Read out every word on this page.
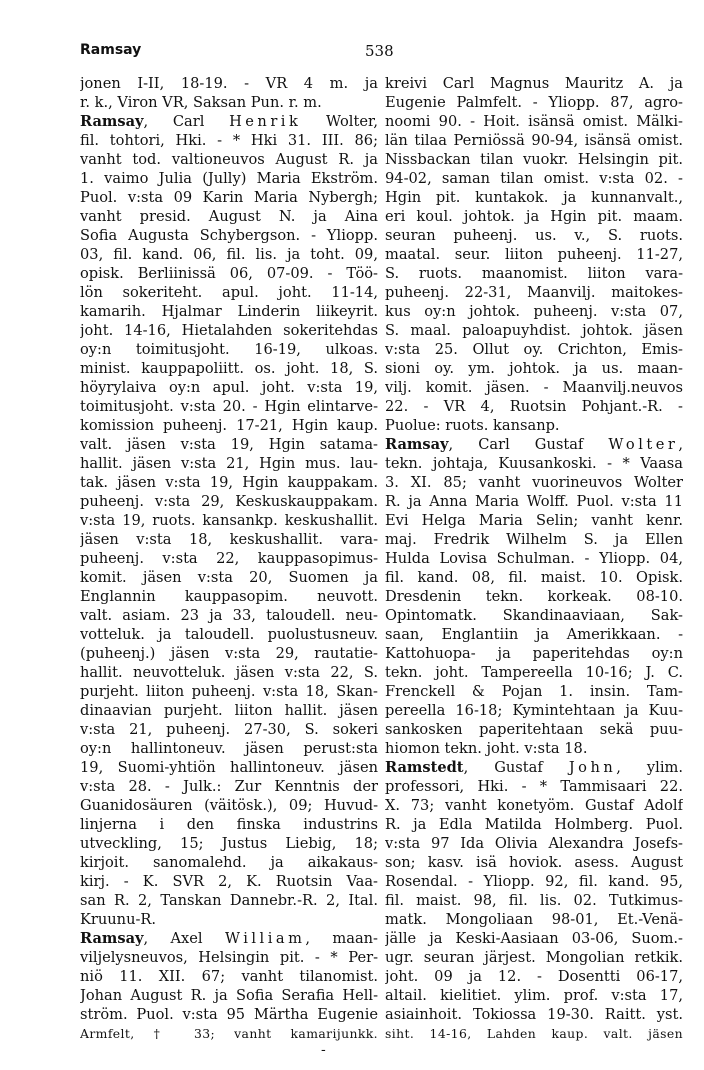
Ramsay	538
jonen I-II, 18-19. - VR 4 m. ja
r. k., Viron VR, Saksan Pun. r. m.
Ramsay, Carl Henrik Wolter,
fil. tohtori, Hki. - * Hki 31. III. 86;
vanht tod. valtioneuvos August R. ja
1. vaimo Julia (Jully) Maria Ekström.
Puol. v:sta 09 Karin Maria Nybergh;
vanht presid. August N. ja Aina
Sofia Augusta Schybergson. - Yliopp.
03, fil. kand. 06, fil. lis. ja toht. 09,
opisk. Berliinissä 06, 07-09. - Töö-
lön sokeriteht. apul. joht. 11-14,
kamarih. Hjalmar Linderin liikeyrit.
joht. 14-16, Hietalahden sokeritehdas
oy:n toimitusjoht. 16-19, ulkoas.
minist. kauppapoliitt. os. joht. 18, S.
höyrylaiva oy:n apul. joht. v:sta 19,
toimitusjoht. v:sta 20. - Hgin elintarve-
komission puheenj. 17-21, Hgin kaup.
valt. jäsen v:sta 19, Hgin satama-
hallit. jäsen v:sta 21, Hgin mus. lau-
tak. jäsen v:sta 19, Hgin kauppakam.
puheenj. v:sta 29, Keskuskauppakam.
v:sta 19, ruots. kansankp. keskushallit.
jäsen v:sta 18, keskushallit. vara-
puheenj. v:sta 22, kauppasopimus-
komit. jäsen v:sta 20, Suomen ja
Englannin kauppasopim. neuvott.
valt. asiam. 23 ja 33, taloudell. neu-
votteluk. ja taloudell. puolustusneuv.
(puheenj.) jäsen v:sta 29, rautatie-
hallit. neuvotteluk. jäsen v:sta 22, S.
purjeht. liiton puheenj. v:sta 18, Skan-
dinaavian purjeht. liiton hallit. jäsen
v:sta 21, puheenj. 27-30, S. sokeri
oy:n hallintoneuv. jäsen perust:sta
19, Suomi-yhtiön hallintoneuv. jäsen
v:sta 28. - Julk.: Zur Kenntnis der
Guanidosäuren (väitösk.), 09; Huvud-
linjerna i den finska industrins
utveckling, 15; Justus Liebig, 18;
kirjoit. sanomalehd. ja aikakaus-
kirj. - K. SVR 2, K. Ruotsin Vaa-
san R. 2, Tanskan Dannebr.-R. 2, Ital.
Kruunu-R.
Ramsay, Axel William, maan-
viljelysneuvos, Helsingin pit. - * Per-
niö 11. XII. 67; vanht tilanomist.
Johan August R. ja Sofia Serafia Hell-
ström. Puol. v:sta 95 Märtha Eugenie
Armfelt, † 33; vanht kamarijunkk.
kreivi Carl Magnus Mauritz A. ja
Eugenie Palmfelt. - Yliopp. 87, agro-
noomi 90. - Hoit. isänsä omist. Mälki-
län tilaa Perniössä 90-94, isänsä omist.
Nissbackan tilan vuokr. Helsingin pit.
94-02, saman tilan omist. v:sta 02. -
Hgin pit. kuntakok. ja kunnanvalt.,
eri koul. johtok. ja Hgin pit. maam.
seuran puheenj. us. v., S. ruots.
maatal. seur. liiton puheenj. 11-27,
S. ruots. maanomist. liiton vara-
puheenj. 22-31, Maanvilj. maitokes-
kus oy:n johtok. puheenj. v:sta 07,
S. maal. paloapuyhdist. johtok. jäsen
v:sta 25. Ollut oy. Crichton, Emis-
sioni oy. ym. johtok. ja us. maan-
vilj. komit. jäsen. - Maanvilj.neuvos
22. - VR 4, Ruotsin Pohjant.-R. -
Puolue: ruots. kansanp.
Ramsay, Carl Gustaf Wolter,
tekn. johtaja, Kuusankoski. - * Vaasa
3. XI. 85; vanht vuorineuvos Wolter
R. ja Anna Maria Wolff. Puol. v:sta 11
Evi Helga Maria Selin; vanht kenr.
maj. Fredrik Wilhelm S. ja Ellen
Hulda Lovisa Schulman. - Yliopp. 04,
fil. kand. 08, fil. maist. 10. Opisk.
Dresdenin tekn. korkeak. 08-10.
Opintomatk. Skandinaaviaan, Sak-
saan, Englantiin ja Amerikkaan. -
Kattohuopa- ja paperitehdas oy:n
tekn. joht. Tampereella 10-16; J. C.
Frenckell & Pojan 1. insin. Tam-
pereella 16-18; Kymintehtaan ja Kuu-
sankosken paperitehtaan sekä puu-
hiomon tekn. joht. v:sta 18.
Ramstedt, Gustaf John, ylim.
professori, Hki. - * Tammisaari 22.
X. 73; vanht konetyöm. Gustaf Adolf
R. ja Edla Matilda Holmberg. Puol.
v:sta 97 Ida Olivia Alexandra Josefs-
son; kasv. isä hoviok. asess. August
Rosendal. - Yliopp. 92, fil. kand. 95,
fil. maist. 98, fil. lis. 02. Tutkimus-
matk. Mongoliaan 98-01, Et.-Venä-
jälle ja Keski-Aasiaan 03-06, Suom.-
ugr. seuran järjest. Mongolian retkik.
joht. 09 ja 12. - Dosentti 06-17,
altail. kielitiet. ylim. prof. v:sta 17,
asiainhoit. Tokiossa 19-30. Raitt. yst.
siht. 14-16, Lahden kaup. valt. jäsen
-
